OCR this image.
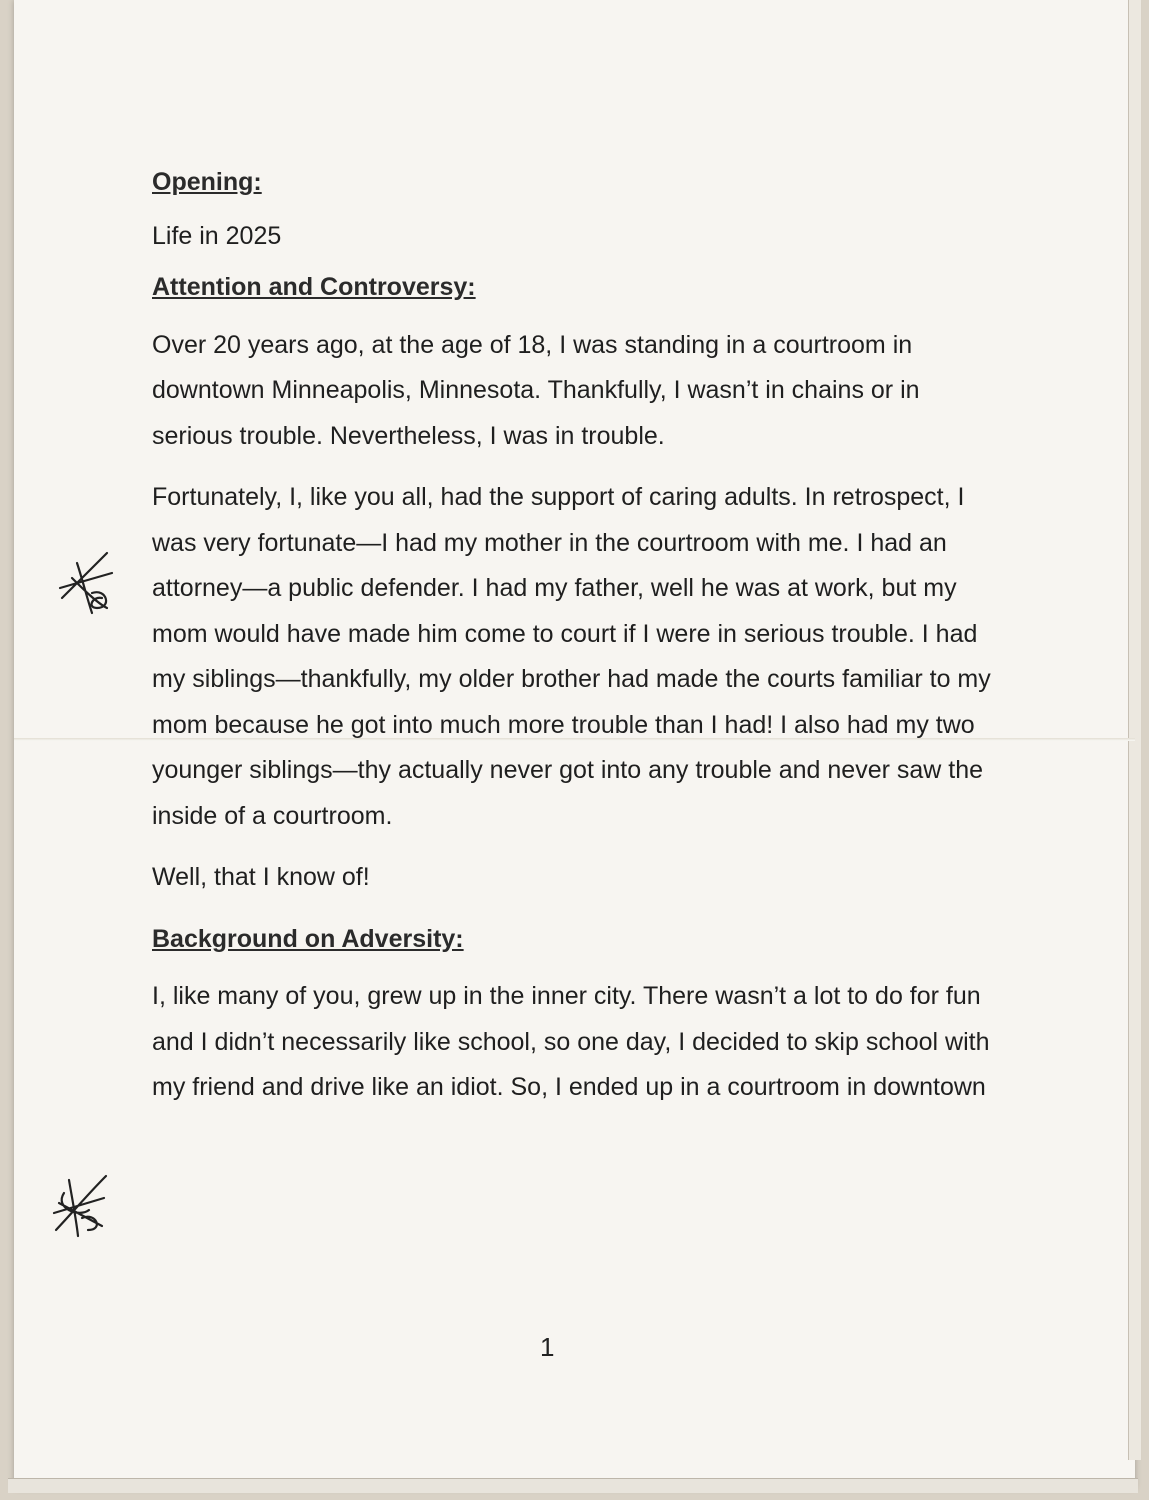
Opening:

Life in 2025

Attention and Controversy:

Over 20 years ago, at the age of 18, I was standing in a courtroom in downtown Minneapolis, Minnesota. Thankfully, I wasn’t in chains or in serious trouble. Nevertheless, I was in trouble.

Fortunately, I, like you all, had the support of caring adults. In retrospect, I was very fortunate—I had my mother in the courtroom with me. I had an attorney—a public defender. I had my father, well he was at work, but my mom would have made him come to court if I were in serious trouble. I had my siblings—thankfully, my older brother had made the courts familiar to my mom because he got into much more trouble than I had! I also had my two younger siblings—thy actually never got into any trouble and never saw the inside of a courtroom.

Well, that I know of!

Background on Adversity:

I, like many of you, grew up in the inner city. There wasn’t a lot to do for fun and I didn’t necessarily like school, so one day, I decided to skip school with my friend and drive like an idiot. So, I ended up in a courtroom in downtown

1
